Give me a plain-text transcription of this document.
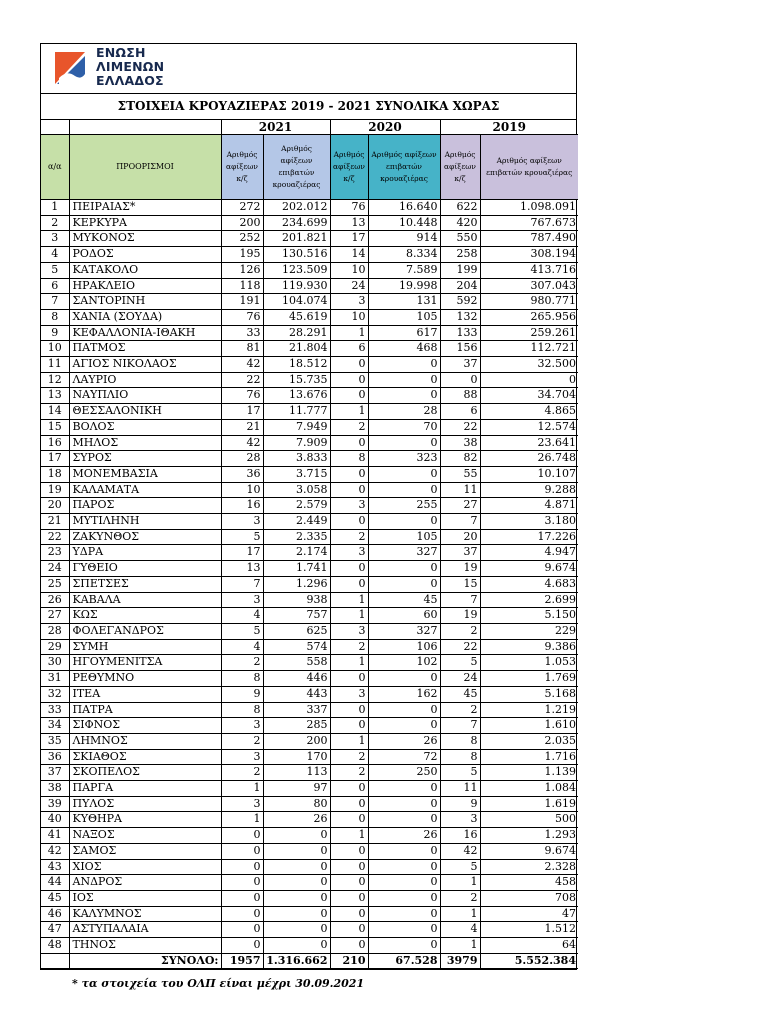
ΕΝΩΣΗ
ΛΙΜΕΝΩΝ
ΕΛΛΑΔΟΣ
ΣΤΟΙΧΕΙΑ ΚΡΟΥΑΖΙΕΡΑΣ 2019 - 2021 ΣΥΝΟΛΙΚΑ ΧΩΡΑΣ
		2021		2020		2019	
α/α	ΠΡΟΟΡΙΣΜΟΙ	Αριθμός αφίξεων κ/ζ	Αριθμός αφίξεων επιβατών κρουαζιέρας	Αριθμός αφίξεων κ/ζ	Αριθμός αφίξεων επιβατών κρουαζιέρας	Αριθμός αφίξεων κ/ζ	Αριθμός αφίξεων επιβατών κρουαζιέρας
1	ΠΕΙΡΑΙΑΣ*	272	202.012	76	16.640	622	1.098.091
2	ΚΕΡΚΥΡΑ	200	234.699	13	10.448	420	767.673
3	ΜΥΚΟΝΟΣ	252	201.821	17	914	550	787.490
4	ΡΟΔΟΣ	195	130.516	14	8.334	258	308.194
5	ΚΑΤΑΚΟΛΟ	126	123.509	10	7.589	199	413.716
6	ΗΡΑΚΛΕΙΟ	118	119.930	24	19.998	204	307.043
7	ΣΑΝΤΟΡΙΝΗ	191	104.074	3	131	592	980.771
8	ΧΑΝΙΑ (ΣΟΥΔΑ)	76	45.619	10	105	132	265.956
9	ΚΕΦΑΛΛΟΝΙΑ-ΙΘΑΚΗ	33	28.291	1	617	133	259.261
10	ΠΑΤΜΟΣ	81	21.804	6	468	156	112.721
11	ΑΓΙΟΣ ΝΙΚΟΛΑΟΣ	42	18.512	0	0	37	32.500
12	ΛΑΥΡΙΟ	22	15.735	0	0	0	0
13	ΝΑΥΠΛΙΟ	76	13.676	0	0	88	34.704
14	ΘΕΣΣΑΛΟΝΙΚΗ	17	11.777	1	28	6	4.865
15	ΒΟΛΟΣ	21	7.949	2	70	22	12.574
16	ΜΗΛΟΣ	42	7.909	0	0	38	23.641
17	ΣΥΡΟΣ	28	3.833	8	323	82	26.748
18	ΜΟΝΕΜΒΑΣΙΑ	36	3.715	0	0	55	10.107
19	ΚΑΛΑΜΑΤΑ	10	3.058	0	0	11	9.288
20	ΠΑΡΟΣ	16	2.579	3	255	27	4.871
21	ΜΥΤΙΛΗΝΗ	3	2.449	0	0	7	3.180
22	ΖΑΚΥΝΘΟΣ	5	2.335	2	105	20	17.226
23	ΥΔΡΑ	17	2.174	3	327	37	4.947
24	ΓΥΘΕΙΟ	13	1.741	0	0	19	9.674
25	ΣΠΕΤΣΕΣ	7	1.296	0	0	15	4.683
26	ΚΑΒΑΛΑ	3	938	1	45	7	2.699
27	ΚΩΣ	4	757	1	60	19	5.150
28	ΦΟΛΕΓΑΝΔΡΟΣ	5	625	3	327	2	229
29	ΣΥΜΗ	4	574	2	106	22	9.386
30	ΗΓΟΥΜΕΝΙΤΣΑ	2	558	1	102	5	1.053
31	ΡΕΘΥΜΝΟ	8	446	0	0	24	1.769
32	ΙΤΕΑ	9	443	3	162	45	5.168
33	ΠΑΤΡΑ	8	337	0	0	2	1.219
34	ΣΙΦΝΟΣ	3	285	0	0	7	1.610
35	ΛΗΜΝΟΣ	2	200	1	26	8	2.035
36	ΣΚΙΑΘΟΣ	3	170	2	72	8	1.716
37	ΣΚΟΠΕΛΟΣ	2	113	2	250	5	1.139
38	ΠΑΡΓΑ	1	97	0	0	11	1.084
39	ΠΥΛΟΣ	3	80	0	0	9	1.619
40	ΚΥΘΗΡΑ	1	26	0	0	3	500
41	ΝΑΞΟΣ	0	0	1	26	16	1.293
42	ΣΑΜΟΣ	0	0	0	0	42	9.674
43	ΧΙΟΣ	0	0	0	0	5	2.328
44	ΑΝΔΡΟΣ	0	0	0	0	1	458
45	ΙΟΣ	0	0	0	0	2	708
46	ΚΑΛΥΜΝΟΣ	0	0	0	0	1	47
47	ΑΣΤΥΠΑΛΑΙΑ	0	0	0	0	4	1.512
48	ΤΗΝΟΣ	0	0	0	0	1	64
	ΣΥΝΟΛΟ:	1957	1.316.662	210	67.528	3979	5.552.384
* τα στοιχεία του ΟΛΠ είναι μέχρι 30.09.2021
